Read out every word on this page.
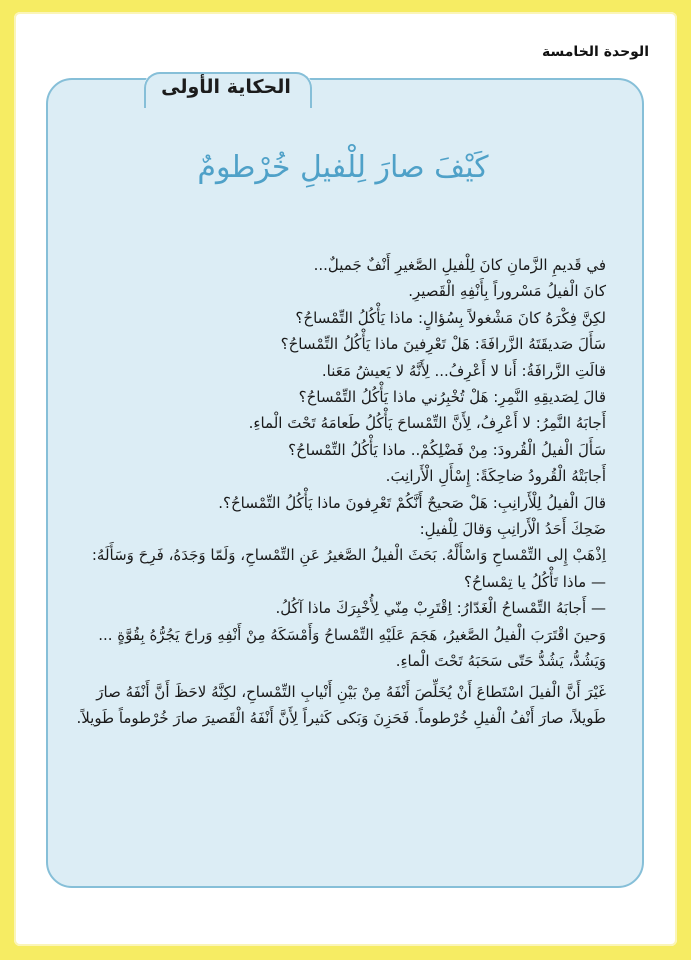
الوحدة الخامسة
الحكاية الأولى
كَيْفَ صارَ لِلْفيلِ خُرْطومٌ

في قَديمِ الزَّمانِ كانَ لِلْفيلِ الصَّغيرِ أَنْفٌ جَميلٌ...

كانَ الْفيلُ مَسْروراً بِأَنْفِهِ الْقَصيرِ.

لكِنَّ فِكْرَهُ كانَ مَشْغولاً بِسُؤالٍ: ماذا يَأْكُلُ التِّمْساحُ؟

سَأَلَ صَديقَتَهُ الزَّرافَةَ: هَلْ تَعْرِفينَ ماذا يَأْكُلُ التِّمْساحُ؟

قالَتِ الزَّرافَةُ: أَنا لا أَعْرِفُ... لِأَنَّهُ لا يَعيشُ مَعَنا.

قالَ لِصَديقِهِ النَّمِرِ: هَلْ تُخْبِرُني ماذا يَأْكُلُ التِّمْساحُ؟

أَجابَهُ النَّمِرُ: لا أَعْرِفُ، لِأَنَّ التِّمْساحَ يَأْكُلُ طَعامَهُ تَحْتَ الْماءِ.

سَأَلَ الْفيلُ الْقُرودَ: مِنْ فَضْلِكُمْ.. ماذا يَأْكُلُ التِّمْساحُ؟

أَجابَتْهُ الْقُرودُ ضاحِكَةً: إِسْأَلِ الْأَرانِبَ.

قالَ الْفيلُ لِلْأَرانِبِ: هَلْ صَحيحٌ أَنَّكُمْ تَعْرِفونَ ماذا يَأْكُلُ التِّمْساحُ؟.

ضَحِكَ أَحَدُ الْأَرانِبِ وَقالَ لِلْفيلِ:

اِذْهَبْ إِلى التِّمْساحِ وَاسْأَلْهُ. بَحَثَ الْفيلُ الصَّغيرُ عَنِ التِّمْساحِ، وَلَمّا وَجَدَهُ، فَرِحَ وَسَأَلَهُ:

— ماذا تَأْكُلُ يا تِمْساحُ؟

— أَجابَهُ التِّمْساحُ الْغَدّارُ: اِقْتَرِبْ مِنّي لِأُخْبِرَكَ ماذا آكُلُ.

وَحينَ اقْتَرَبَ الْفيلُ الصَّغيرُ، هَجَمَ عَلَيْهِ التِّمْساحُ وَأَمْسَكَهُ مِنْ أَنْفِهِ وَراحَ يَجُرُّهُ بِقُوَّةٍ ... وَيَشُدُّ، يَشُدُّ حَتّى سَحَبَهُ تَحْتَ الْماءِ.

غَيْرَ أَنَّ الْفيلَ اسْتَطاعَ أَنْ يُخَلِّصَ أَنْفَهُ مِنْ بَيْنِ أَنْيابِ التِّمْساحِ، لكِنَّهُ لاحَظَ أَنَّ أَنْفَهُ صارَ طَويلاً، صارَ أَنْفُ الْفيلِ خُرْطوماً. فَحَزِنَ وَبَكى كَثيراً لِأَنَّ أَنْفَهُ الْقَصيرَ صارَ خُرْطوماً طَويلاً.
